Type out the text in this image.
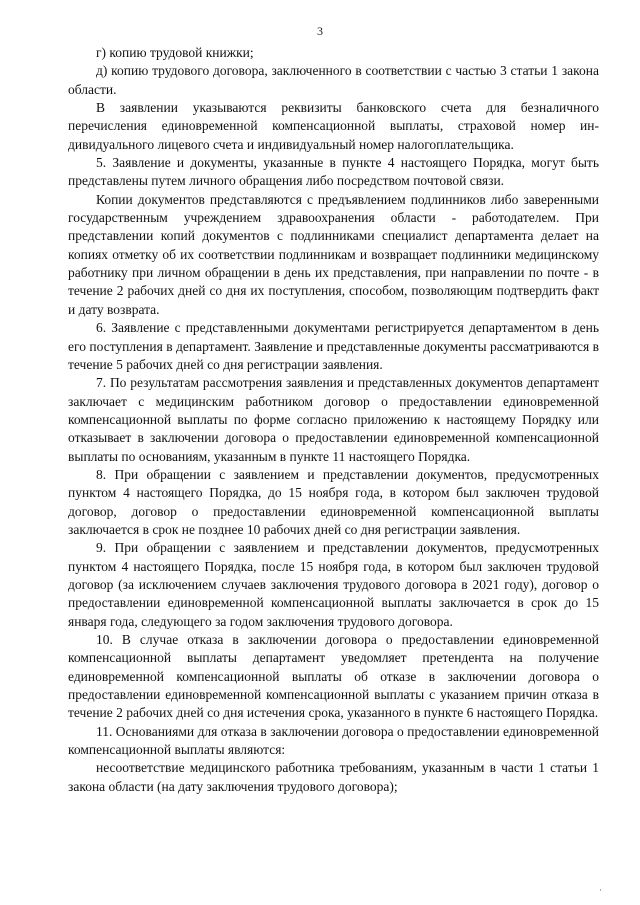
3

г) копию трудовой книжки;

д) копию трудового договора, заключенного в соответствии с частью 3 статьи 1 закона области.

В заявлении указываются реквизиты банковского счета для безналичного перечисления единовременной компенсационной выплаты, страховой номер индивидуального лицевого счета и индивидуальный номер налогоплательщика.

5. Заявление и документы, указанные в пункте 4 настоящего Порядка, могут быть представлены путем личного обращения либо посредством почтовой связи.

Копии документов представляются с предъявлением подлинников либо заверенными государственным учреждением здравоохранения области - работодателем. При представлении копий документов с подлинниками специалист департамента делает на копиях отметку об их соответствии подлинникам и возвращает подлинники медицинскому работнику при личном обращении в день их представления, при направлении по почте - в течение 2 рабочих дней со дня их поступления, способом, позволяющим подтвердить факт и дату возврата.

6. Заявление с представленными документами регистрируется департаментом в день его поступления в департамент. Заявление и представленные документы рассматриваются в течение 5 рабочих дней со дня регистрации заявления.

7. По результатам рассмотрения заявления и представленных документов департамент заключает с медицинским работником договор о предоставлении единовременной компенсационной выплаты по форме согласно приложению к настоящему Порядку или отказывает в заключении договора о предоставлении единовременной компенсационной выплаты по основаниям, указанным в пункте 11 настоящего Порядка.

8. При обращении с заявлением и представлении документов, предусмотренных пунктом 4 настоящего Порядка, до 15 ноября года, в котором был заключен трудовой договор, договор о предоставлении единовременной компенсационной выплаты заключается в срок не позднее 10 рабочих дней со дня регистрации заявления.

9. При обращении с заявлением и представлении документов, предусмотренных пунктом 4 настоящего Порядка, после 15 ноября года, в котором был заключен трудовой договор (за исключением случаев заключения трудового договора в 2021 году), договор о предоставлении единовременной компенсационной выплаты заключается в срок до 15 января года, следующего за годом заключения трудового договора.

10. В случае отказа в заключении договора о предоставлении единовременной компенсационной выплаты департамент уведомляет претендента на получение единовременной компенсационной выплаты об отказе в заключении договора о предоставлении единовременной компенсационной выплаты с указанием причин отказа в течение 2 рабочих дней со дня истечения срока, указанного в пункте 6 настоящего Порядка.

11. Основаниями для отказа в заключении договора о предоставлении единовременной компенсационной выплаты являются:

несоответствие медицинского работника требованиям, указанным в части 1 статьи 1 закона области (на дату заключения трудового договора);

·
